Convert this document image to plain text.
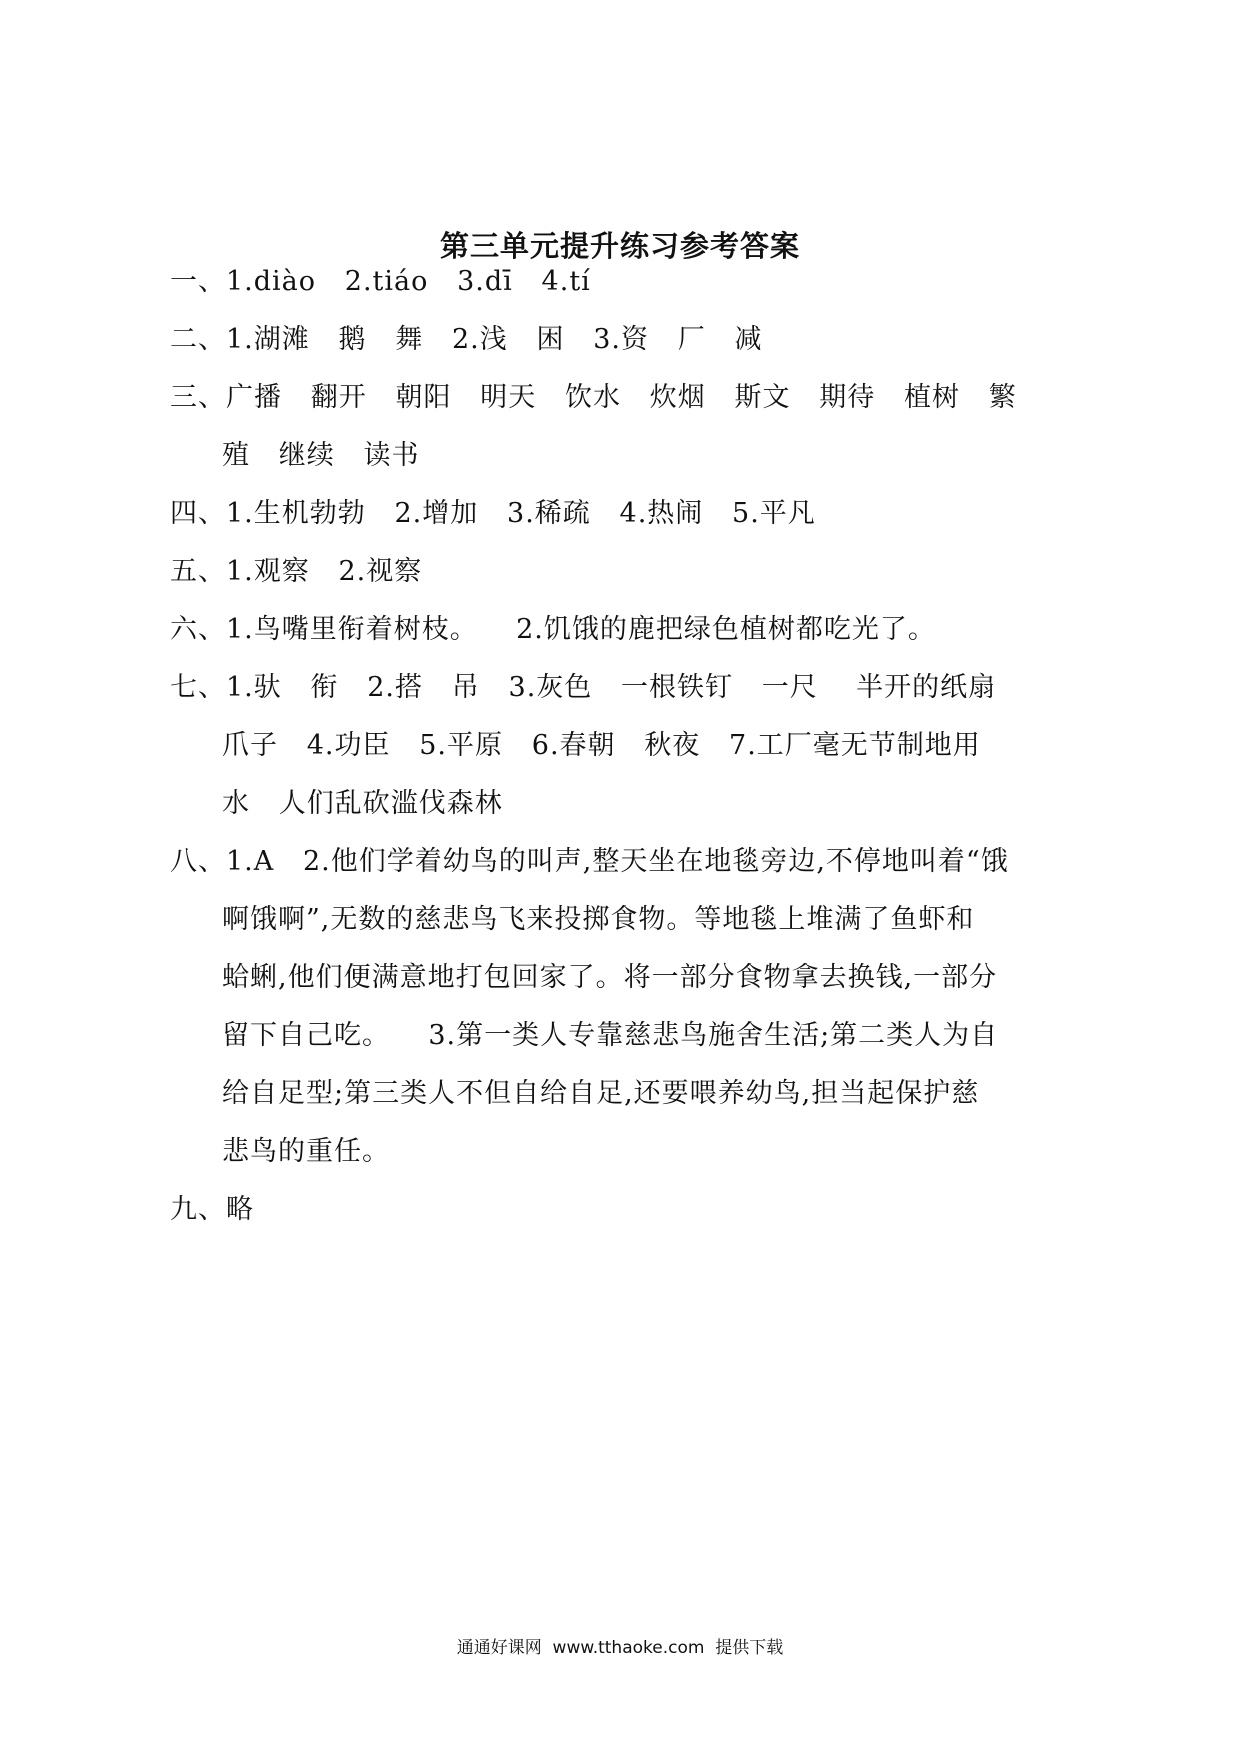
第三单元提升练习参考答案
一、1.diào   2.tiáo   3.dī   4.tí
二、1.湖滩   鹅   舞   2.浅   困   3.资   厂   减
三、广播   翻开   朝阳   明天   饮水   炊烟   斯文   期待   植树   繁
殖   继续   读书
四、1.生机勃勃   2.增加   3.稀疏   4.热闹   5.平凡
五、1.观察   2.视察
六、1.鸟嘴里衔着树枝。    2.饥饿的鹿把绿色植树都吃光了。
七、1.驮   衔   2.搭   吊   3.灰色   一根铁钉   一尺    半开的纸扇
爪子   4.功臣   5.平原   6.春朝   秋夜   7.工厂毫无节制地用
水   人们乱砍滥伐森林
八、1.A   2.他们学着幼鸟的叫声,整天坐在地毯旁边,不停地叫着“饿
啊饿啊”,无数的慈悲鸟飞来投掷食物。等地毯上堆满了鱼虾和
蛤蜊,他们便满意地打包回家了。将一部分食物拿去换钱,一部分
留下自己吃。    3.第一类人专靠慈悲鸟施舍生活;第二类人为自
给自足型;第三类人不但自给自足,还要喂养幼鸟,担当起保护慈
悲鸟的重任。
九、略
通通好课网  www.tthaoke.com  提供下载
